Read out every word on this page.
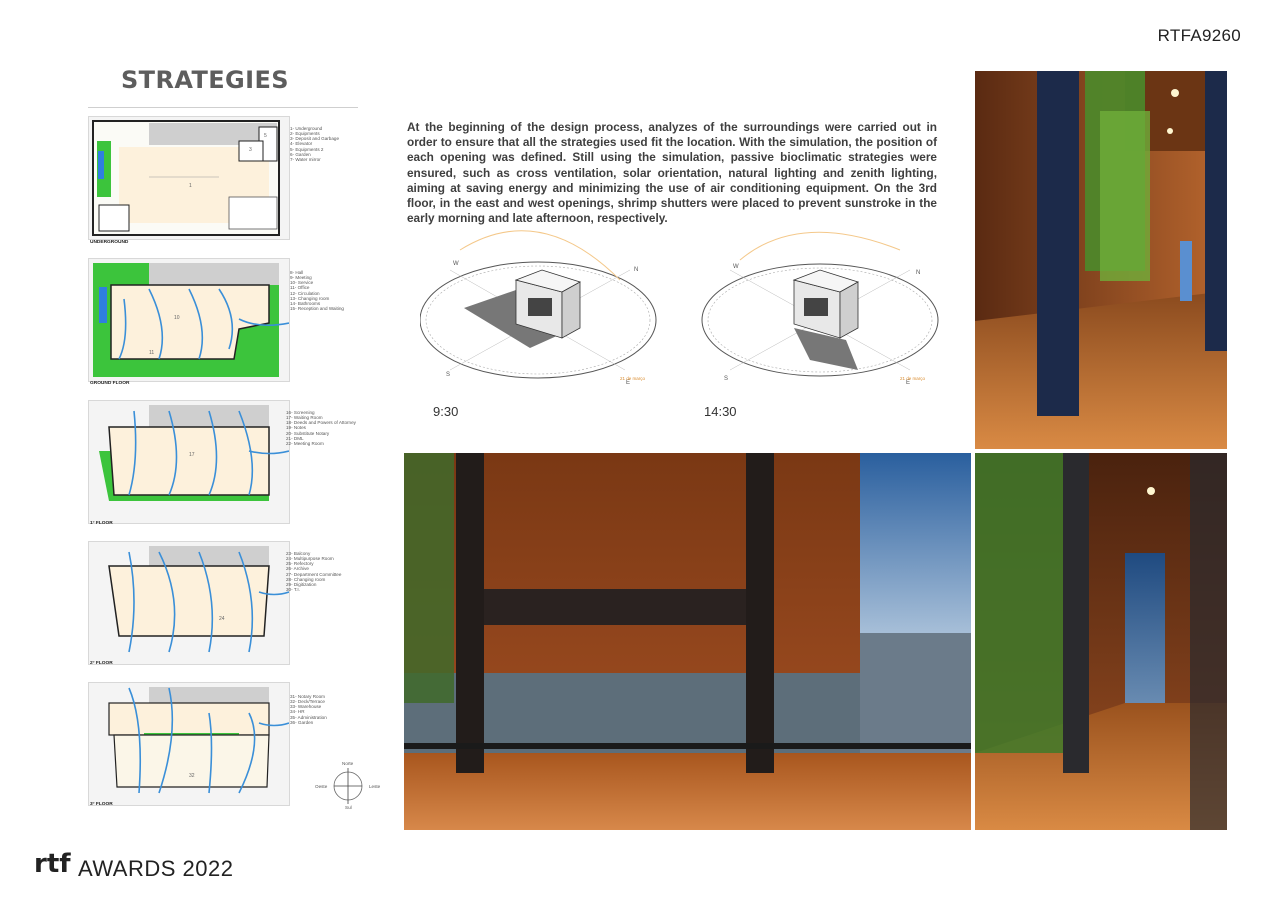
RTFA9260
STRATEGIES
At the beginning of the design process, analyzes of the surroundings were carried out in order to ensure that all the strategies used fit the location. With the simulation, the position of each opening was defined. Still using the simulation, passive bioclimatic strategies were ensured, such as cross ventilation, solar orientation, natural lighting and zenith lighting, aiming at saving energy and minimizing the use of air conditioning equipment. On the 3rd floor, in the east and west openings, shrimp shutters were placed to prevent sunstroke in the early morning and late afternoon, respectively.
1
5
3
UNDERGROUND

1- Underground
2- Equipments
3- Deposit and Garbage
4- Elevator
5- Equipments 2
6- Garden
7- Water mirror

10
11
GROUND FLOOR

8- Hall
9- Meeting
10- Service
11- Office
12- Circulation
13- Changing room
14- Bathrooms
15- Reception and Waiting

17
1° FLOOR

16- Screening
17- Waiting Room
18- Deeds and Powers of Attorney
19- Notes
20- Substitute Notary
21- DML
22- Meeting Room

24
2° FLOOR

23- Balcony
24- Multipurpose Room
25- Refectory
26- Archive
27- Department Committee
28- Changing room
29- Digitization
30- T.I.

32
3° FLOOR

31- Notary Room
32- Deck/Terrace
33- Warehouse
34- HR
35- Administration
36- Garden

Norte
Sul
Oeste	Leste
W
N
S
E
21 de março
9:30
W
N
S
E
21 de março
14:30
rtf AWARDS 2022
